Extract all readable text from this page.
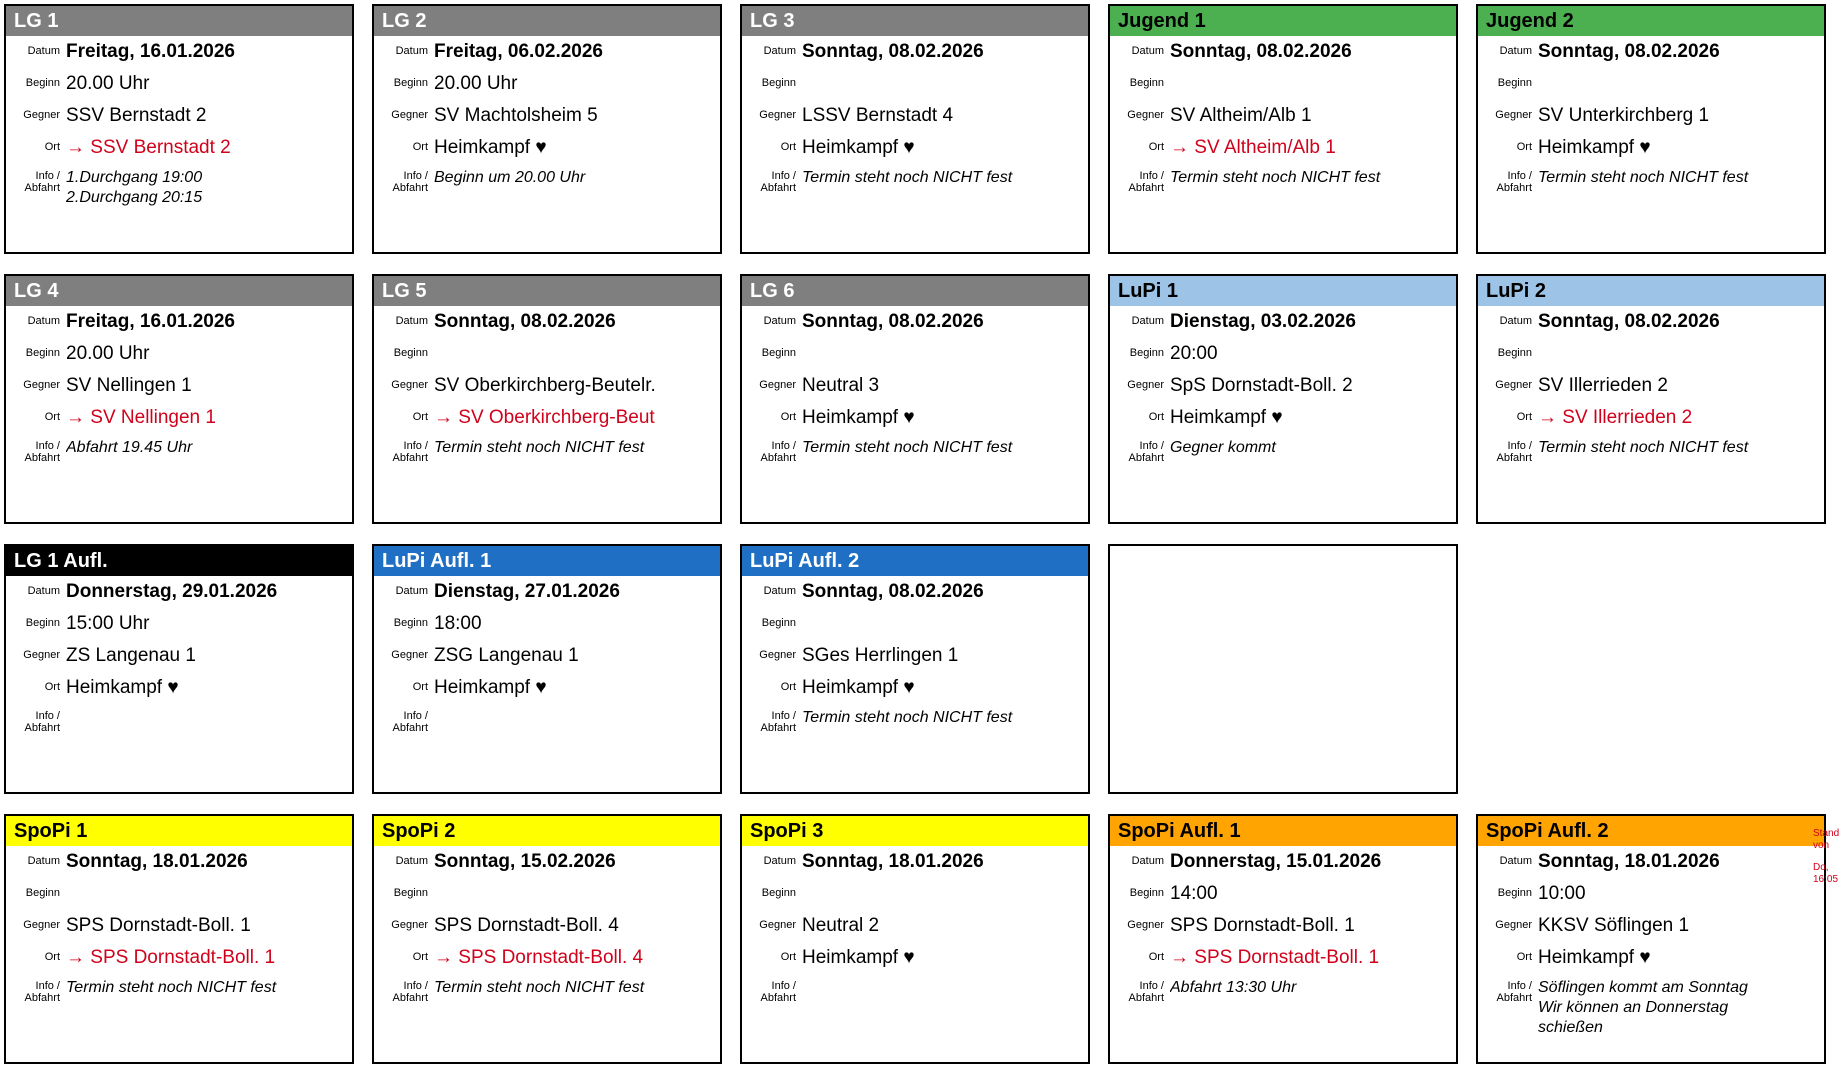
LG 1
Datum Freitag, 16.01.2026
Beginn 20.00 Uhr
Gegner SSV Bernstadt 2
Ort → SSV Bernstadt 2
Info /
Abfahrt
1.Durchgang 19:00
2.Durchgang 20:15
LG 2
Datum Freitag, 06.02.2026
Beginn 20.00 Uhr
Gegner SV Machtolsheim 5
Ort Heimkampf ♥
Info /
Abfahrt
Beginn um 20.00 Uhr
LG 3
Datum Sonntag, 08.02.2026
Beginn
Gegner LSSV Bernstadt 4
Ort Heimkampf ♥
Info /
Abfahrt
Termin steht noch NICHT fest
Jugend 1
Datum Sonntag, 08.02.2026
Beginn
Gegner SV Altheim/Alb 1
Ort → SV Altheim/Alb 1
Info /
Abfahrt
Termin steht noch NICHT fest
Jugend 2
Datum Sonntag, 08.02.2026
Beginn
Gegner SV Unterkirchberg 1
Ort Heimkampf ♥
Info /
Abfahrt
Termin steht noch NICHT fest
LG 4
Datum Freitag, 16.01.2026
Beginn 20.00 Uhr
Gegner SV Nellingen 1
Ort → SV Nellingen 1
Info /
Abfahrt
Abfahrt 19.45 Uhr
LG 5
Datum Sonntag, 08.02.2026
Beginn
Gegner SV Oberkirchberg-Beutelr.
Ort → SV Oberkirchberg-Beut
Info /
Abfahrt
Termin steht noch NICHT fest
LG 6
Datum Sonntag, 08.02.2026
Beginn
Gegner Neutral 3
Ort Heimkampf ♥
Info /
Abfahrt
Termin steht noch NICHT fest
LuPi 1
Datum Dienstag, 03.02.2026
Beginn 20:00
Gegner SpS Dornstadt-Boll. 2
Ort Heimkampf ♥
Info /
Abfahrt
Gegner kommt
LuPi 2
Datum Sonntag, 08.02.2026
Beginn
Gegner SV Illerrieden 2
Ort → SV Illerrieden 2
Info /
Abfahrt
Termin steht noch NICHT fest
LG 1 Aufl.
Datum Donnerstag, 29.01.2026
Beginn 15:00 Uhr
Gegner ZS Langenau 1
Ort Heimkampf ♥
Info /
Abfahrt
LuPi Aufl. 1
Datum Dienstag, 27.01.2026
Beginn 18:00
Gegner ZSG Langenau 1
Ort Heimkampf ♥
Info /
Abfahrt
LuPi Aufl. 2
Datum Sonntag, 08.02.2026
Beginn
Gegner SGes Herrlingen 1
Ort Heimkampf ♥
Info /
Abfahrt
Termin steht noch NICHT fest
SpoPi 1
Datum Sonntag, 18.01.2026
Beginn
Gegner SPS Dornstadt-Boll. 1
Ort → SPS Dornstadt-Boll. 1
Info /
Abfahrt
Termin steht noch NICHT fest
SpoPi 2
Datum Sonntag, 15.02.2026
Beginn
Gegner SPS Dornstadt-Boll. 4
Ort → SPS Dornstadt-Boll. 4
Info /
Abfahrt
Termin steht noch NICHT fest
SpoPi 3
Datum Sonntag, 18.01.2026
Beginn
Gegner Neutral 2
Ort Heimkampf ♥
Info /
Abfahrt
SpoPi Aufl. 1
Datum Donnerstag, 15.01.2026
Beginn 14:00
Gegner SPS Dornstadt-Boll. 1
Ort → SPS Dornstadt-Boll. 1
Info /
Abfahrt
Abfahrt 13:30 Uhr
SpoPi Aufl. 2
Datum Sonntag, 18.01.2026
Beginn 10:00
Gegner KKSV Söflingen 1
Ort Heimkampf ♥
Info /
Abfahrt
Söflingen kommt am Sonntag
Wir können an Donnerstag
schießen
Stand
von
Do,
16:05
